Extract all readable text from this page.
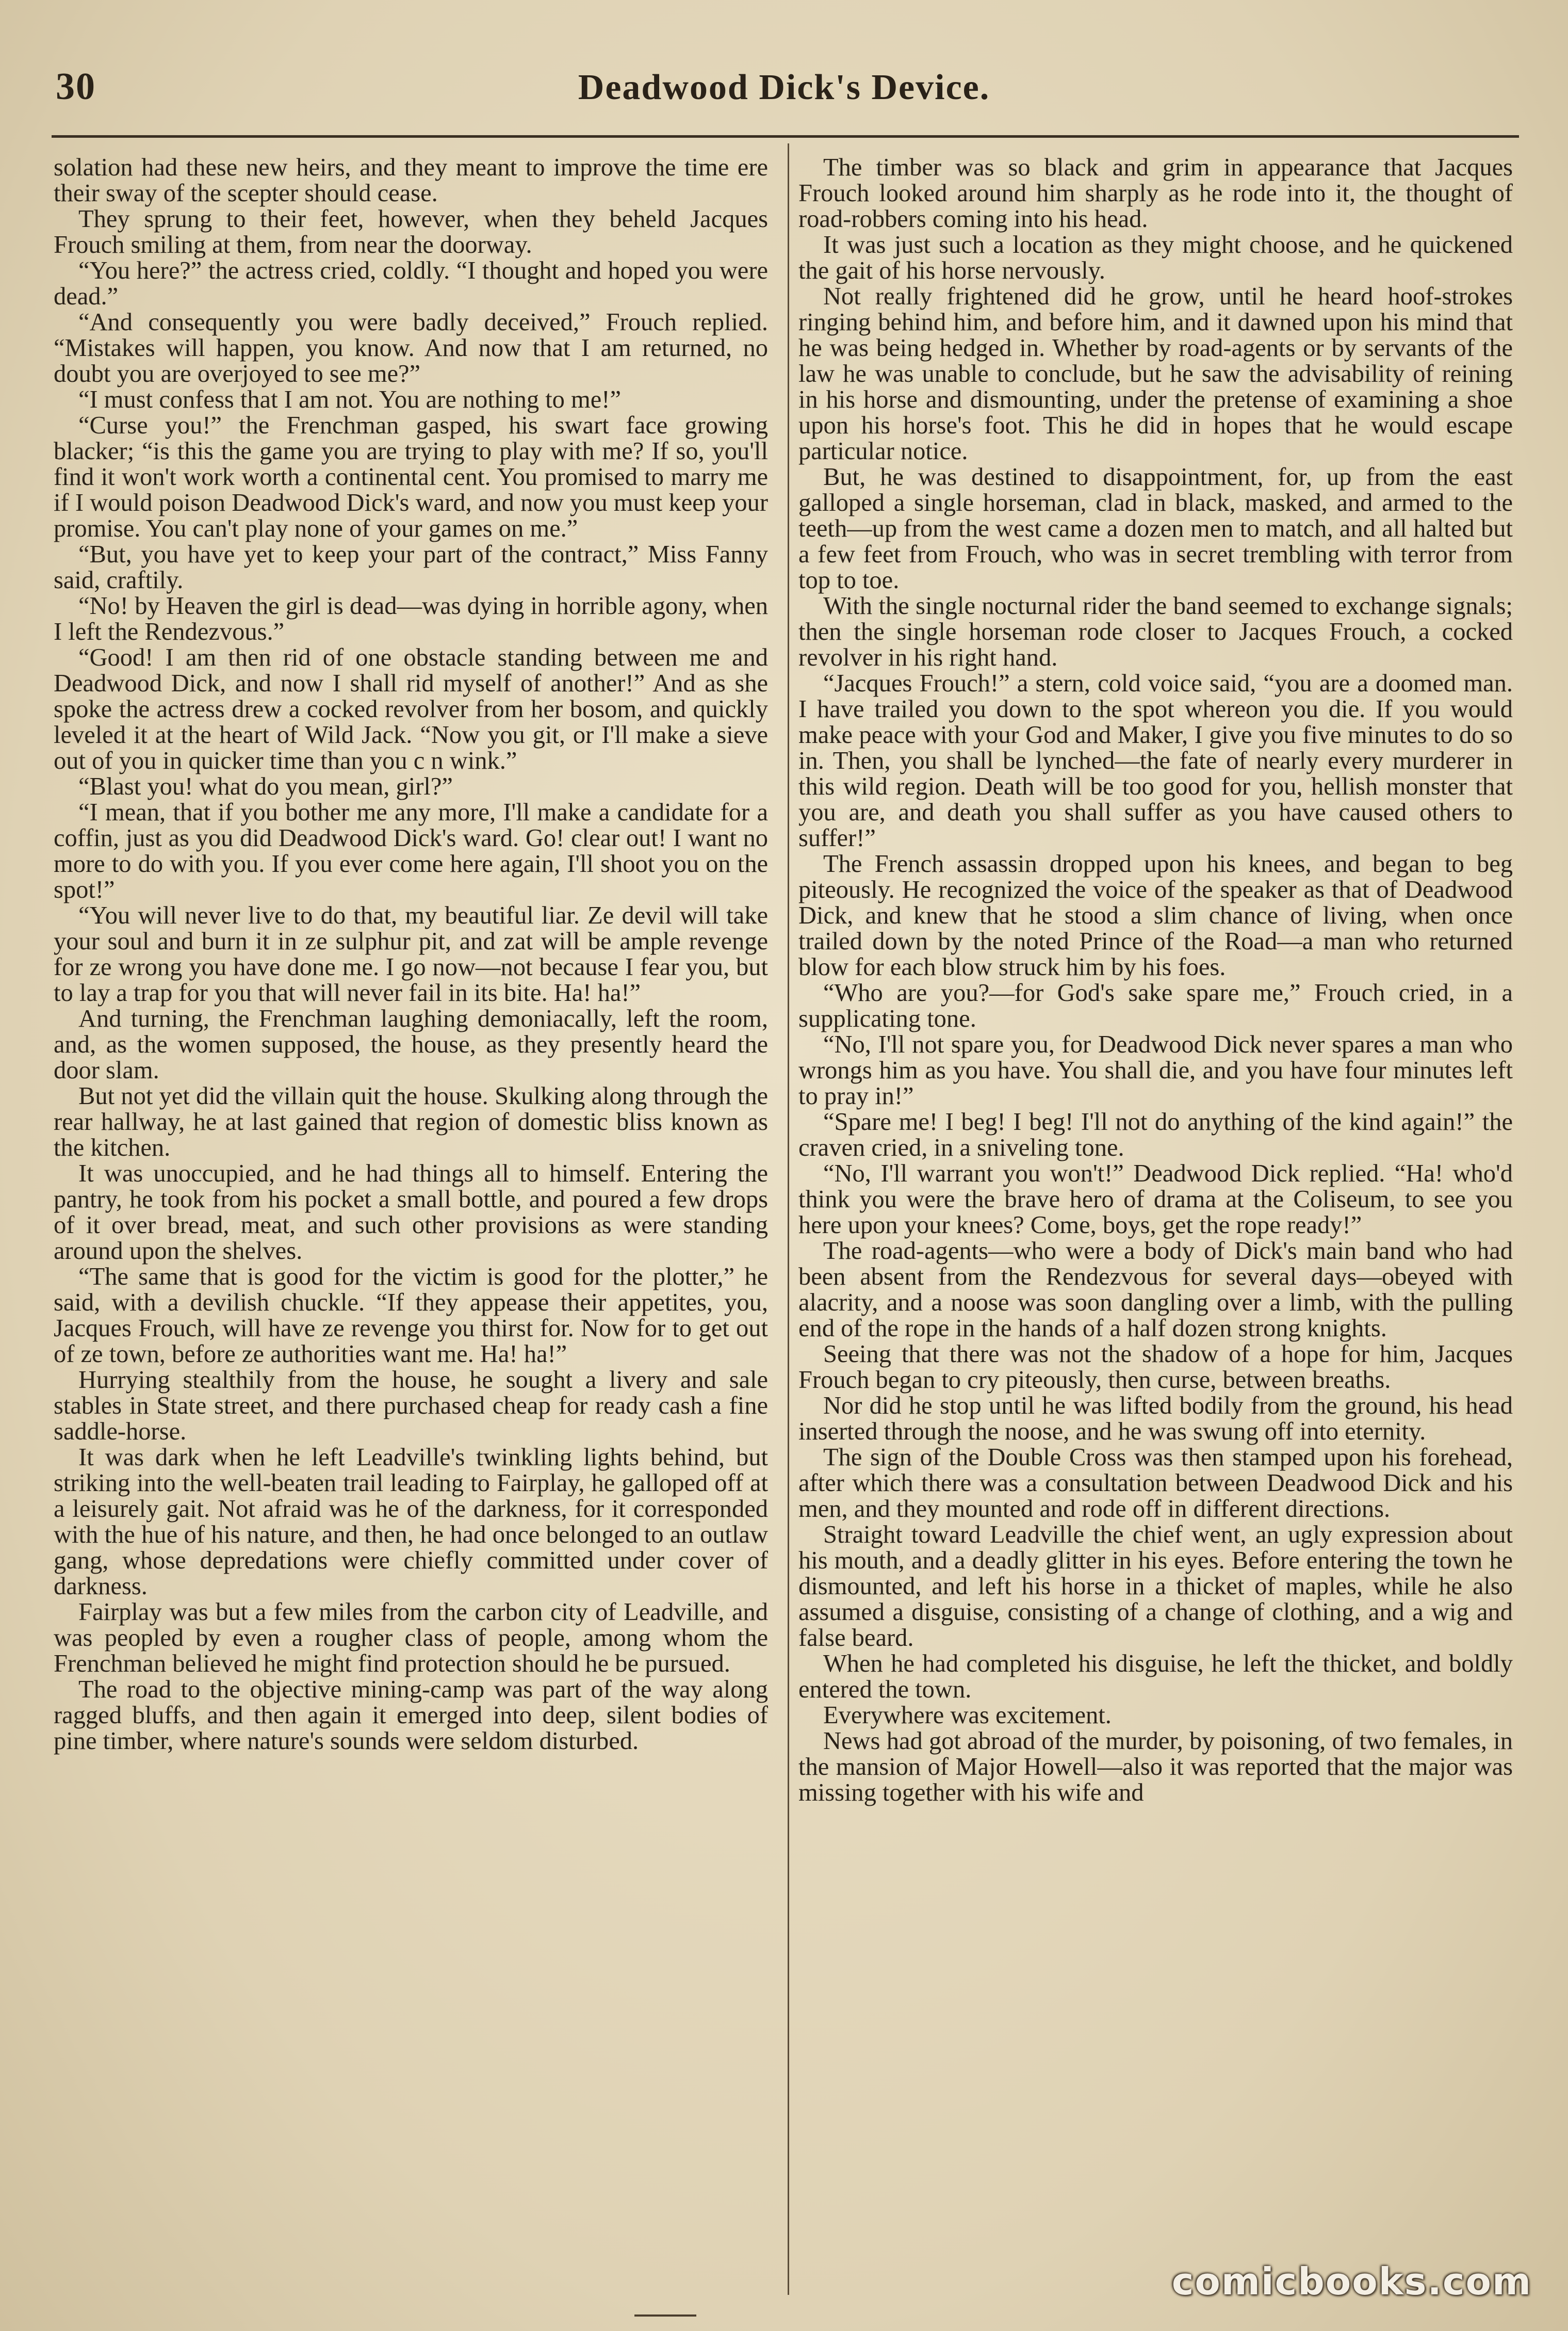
30	Deadwood Dick's Device.

solation had these new heirs, and they meant to improve the time ere their sway of the scepter should cease.

They sprung to their feet, however, when they beheld Jacques Frouch smiling at them, from near the doorway.

“You here?” the actress cried, coldly. “I thought and hoped you were dead.”

“And consequently you were badly deceived,” Frouch replied. “Mistakes will happen, you know. And now that I am returned, no doubt you are overjoyed to see me?”

“I must confess that I am not. You are nothing to me!”

“Curse you!” the Frenchman gasped, his swart face growing blacker; “is this the game you are trying to play with me? If so, you'll find it won't work worth a continental cent. You promised to marry me if I would poison Deadwood Dick's ward, and now you must keep your promise. You can't play none of your games on me.”

“But, you have yet to keep your part of the contract,” Miss Fanny said, craftily.

“No! by Heaven the girl is dead—was dying in horrible agony, when I left the Rendezvous.”

“Good! I am then rid of one obstacle standing between me and Deadwood Dick, and now I shall rid myself of another!” And as she spoke the actress drew a cocked revolver from her bosom, and quickly leveled it at the heart of Wild Jack. “Now you git, or I'll make a sieve out of you in quicker time than you c n wink.”

“Blast you! what do you mean, girl?”

“I mean, that if you bother me any more, I'll make a candidate for a coffin, just as you did Deadwood Dick's ward. Go! clear out! I want no more to do with you. If you ever come here again, I'll shoot you on the spot!”

“You will never live to do that, my beautiful liar. Ze devil will take your soul and burn it in ze sulphur pit, and zat will be ample revenge for ze wrong you have done me. I go now—not because I fear you, but to lay a trap for you that will never fail in its bite. Ha! ha!”

And turning, the Frenchman laughing demoniacally, left the room, and, as the women supposed, the house, as they presently heard the door slam.

But not yet did the villain quit the house. Skulking along through the rear hallway, he at last gained that region of domestic bliss known as the kitchen.

It was unoccupied, and he had things all to himself. Entering the pantry, he took from his pocket a small bottle, and poured a few drops of it over bread, meat, and such other provisions as were standing around upon the shelves.

“The same that is good for the victim is good for the plotter,” he said, with a devilish chuckle. “If they appease their appetites, you, Jacques Frouch, will have ze revenge you thirst for. Now for to get out of ze town, before ze authorities want me. Ha! ha!”

Hurrying stealthily from the house, he sought a livery and sale stables in State street, and there purchased cheap for ready cash a fine saddle-horse.

It was dark when he left Leadville's twinkling lights behind, but striking into the well-beaten trail leading to Fairplay, he galloped off at a leisurely gait. Not afraid was he of the darkness, for it corresponded with the hue of his nature, and then, he had once belonged to an outlaw gang, whose depredations were chiefly committed under cover of darkness.

Fairplay was but a few miles from the carbon city of Leadville, and was peopled by even a rougher class of people, among whom the Frenchman believed he might find protection should he be pursued.

The road to the objective mining-camp was part of the way along ragged bluffs, and then again it emerged into deep, silent bodies of pine timber, where nature's sounds were seldom disturbed.

The timber was so black and grim in appearance that Jacques Frouch looked around him sharply as he rode into it, the thought of road-robbers coming into his head.

It was just such a location as they might choose, and he quickened the gait of his horse nervously.

Not really frightened did he grow, until he heard hoof-strokes ringing behind him, and before him, and it dawned upon his mind that he was being hedged in. Whether by road-agents or by servants of the law he was unable to conclude, but he saw the advisability of reining in his horse and dismounting, under the pretense of examining a shoe upon his horse's foot. This he did in hopes that he would escape particular notice.

But, he was destined to disappointment, for, up from the east galloped a single horseman, clad in black, masked, and armed to the teeth—up from the west came a dozen men to match, and all halted but a few feet from Frouch, who was in secret trembling with terror from top to toe.

With the single nocturnal rider the band seemed to exchange signals; then the single horseman rode closer to Jacques Frouch, a cocked revolver in his right hand.

“Jacques Frouch!” a stern, cold voice said, “you are a doomed man. I have trailed you down to the spot whereon you die. If you would make peace with your God and Maker, I give you five minutes to do so in. Then, you shall be lynched—the fate of nearly every murderer in this wild region. Death will be too good for you, hellish monster that you are, and death you shall suffer as you have caused others to suffer!”

The French assassin dropped upon his knees, and began to beg piteously. He recognized the voice of the speaker as that of Deadwood Dick, and knew that he stood a slim chance of living, when once trailed down by the noted Prince of the Road—a man who returned blow for each blow struck him by his foes.

“Who are you?—for God's sake spare me,” Frouch cried, in a supplicating tone.

“No, I'll not spare you, for Deadwood Dick never spares a man who wrongs him as you have. You shall die, and you have four minutes left to pray in!”

“Spare me! I beg! I beg! I'll not do anything of the kind again!” the craven cried, in a sniveling tone.

“No, I'll warrant you won't!” Deadwood Dick replied. “Ha! who'd think you were the brave hero of drama at the Coliseum, to see you here upon your knees? Come, boys, get the rope ready!”

The road-agents—who were a body of Dick's main band who had been absent from the Rendezvous for several days—obeyed with alacrity, and a noose was soon dangling over a limb, with the pulling end of the rope in the hands of a half dozen strong knights.

Seeing that there was not the shadow of a hope for him, Jacques Frouch began to cry piteously, then curse, between breaths.

Nor did he stop until he was lifted bodily from the ground, his head inserted through the noose, and he was swung off into eternity.

The sign of the Double Cross was then stamped upon his forehead, after which there was a consultation between Deadwood Dick and his men, and they mounted and rode off in different directions.

Straight toward Leadville the chief went, an ugly expression about his mouth, and a deadly glitter in his eyes. Before entering the town he dismounted, and left his horse in a thicket of maples, while he also assumed a disguise, consisting of a change of clothing, and a wig and false beard.

When he had completed his disguise, he left the thicket, and boldly entered the town.

Everywhere was excitement.

News had got abroad of the murder, by poisoning, of two females, in the mansion of Major Howell—also it was reported that the major was missing together with his wife and

comicbooks.com
